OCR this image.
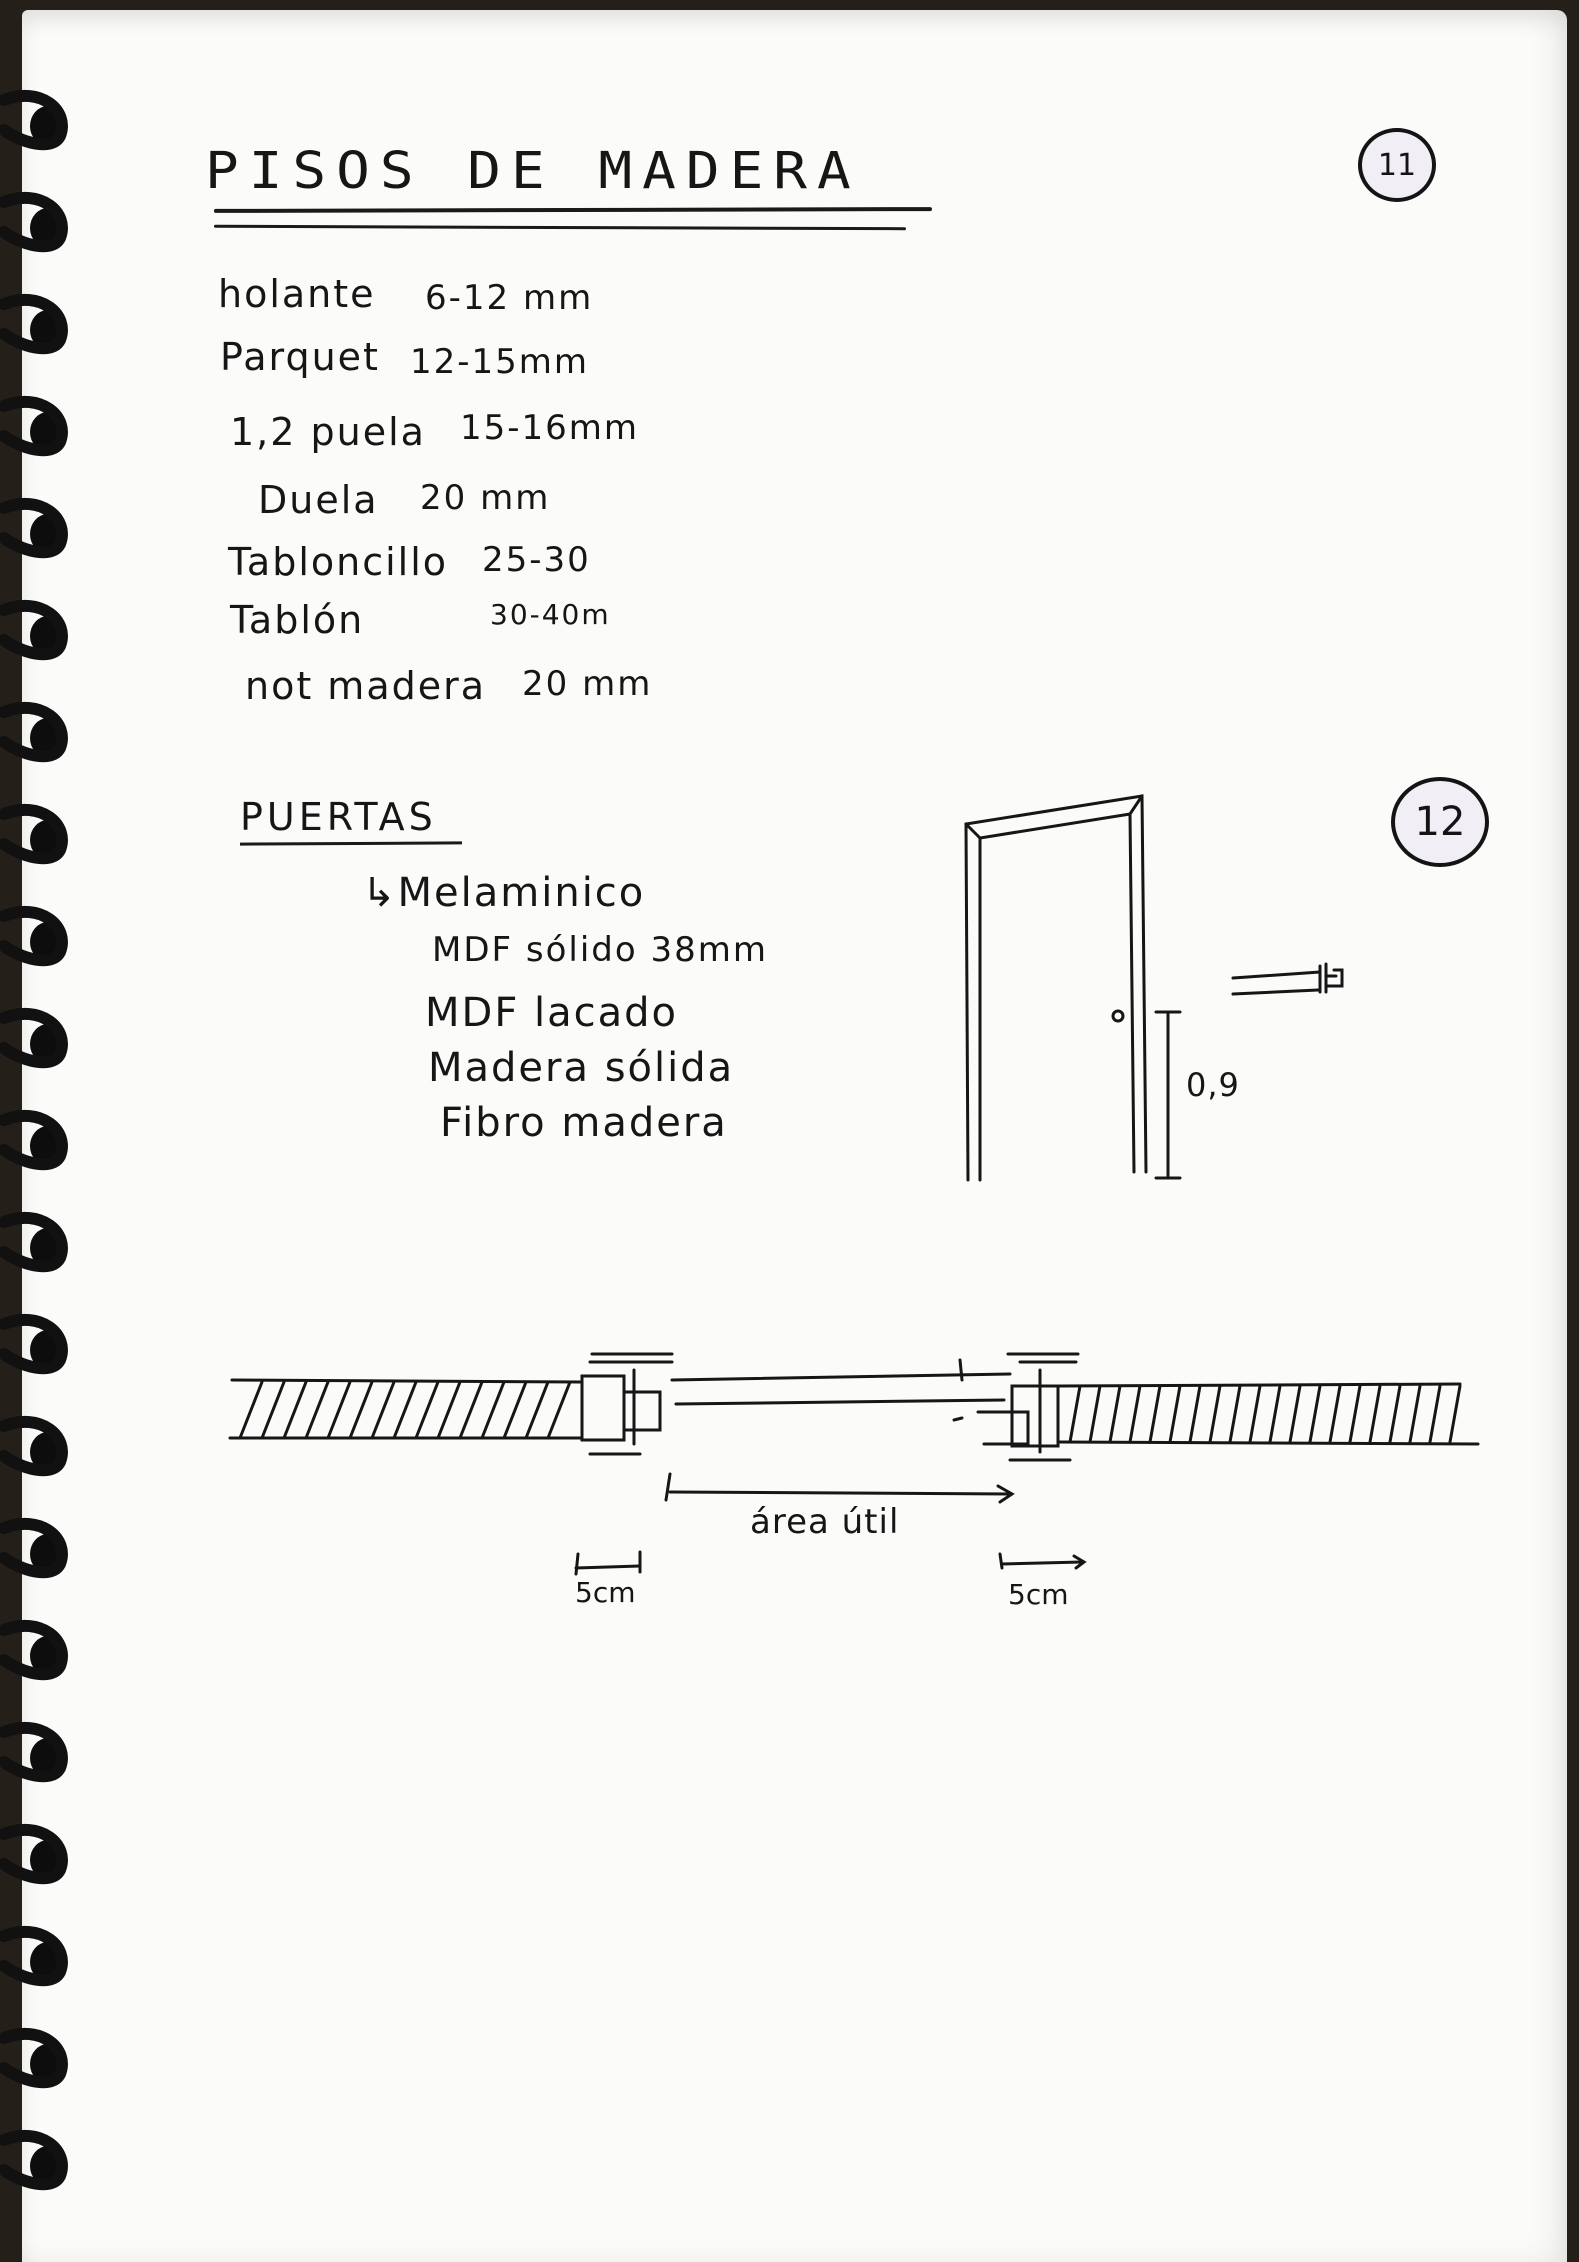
PISOS DE MADERA	11
12
holante 6-12 mm
Parquet 12-15mm
1,2 puela 15-16mm
Duela 20 mm
Tabloncillo 25-30
Tablón	30-40m
not madera 20 mm
PUERTAS
↳Melaminico
MDF sólido 38mm
MDF lacado
Madera sólida
Fibro madera
0,9
área útil
5cm	5cm
